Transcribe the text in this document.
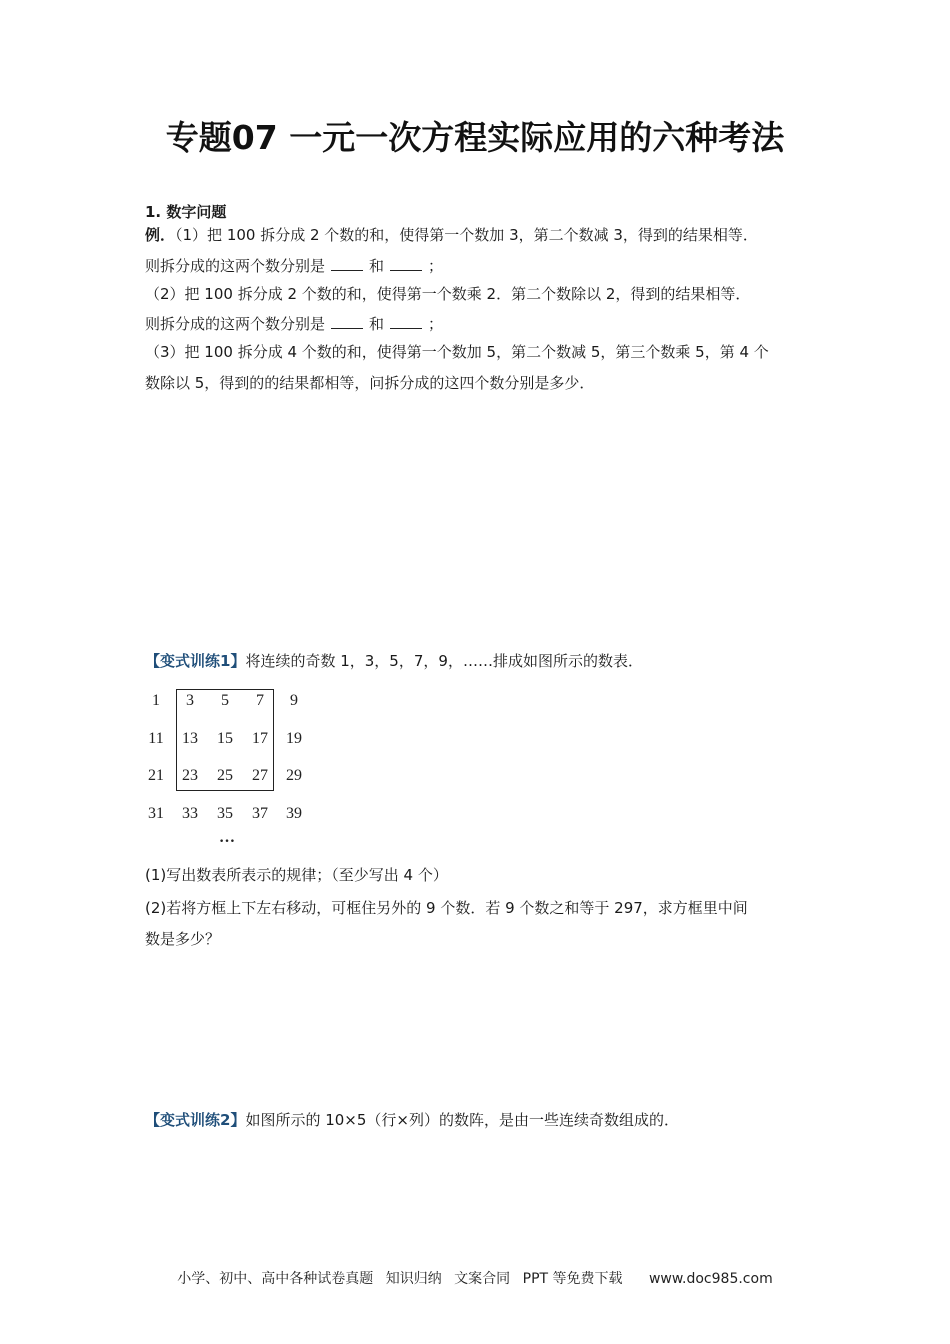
专题07 一元一次方程实际应用的六种考法
1. 数字问题
例．（1）把 100 拆分成 2 个数的和，使得第一个数加 3，第二个数减 3，得到的结果相等．
则拆分成的这两个数分别是	和	；
（2）把 100 拆分成 2 个数的和，使得第一个数乘 2．第二个数除以 2，得到的结果相等．
则拆分成的这两个数分别是	和	；
（3）把 100 拆分成 4 个数的和，使得第一个数加 5，第二个数减 5，第三个数乘 5，第 4 个
数除以 5，得到的的结果都相等，问拆分成的这四个数分别是多少．
【变式训练1】将连续的奇数 1，3，5，7，9，……排成如图所示的数表．
1	3	5	7	9
11	13	15	17	19
21	23	25	27	29
31	33	35	37	39
…
(1)写出数表所表示的规律；（至少写出 4 个）
(2)若将方框上下左右移动，可框住另外的 9 个数．若 9 个数之和等于 297，求方框里中间
数是多少？
【变式训练2】如图所示的 10×5（行×列）的数阵，是由一些连续奇数组成的．
小学、初中、高中各种试卷真题 知识归纳 文案合同 PPT 等免费下载 www.doc985.com
